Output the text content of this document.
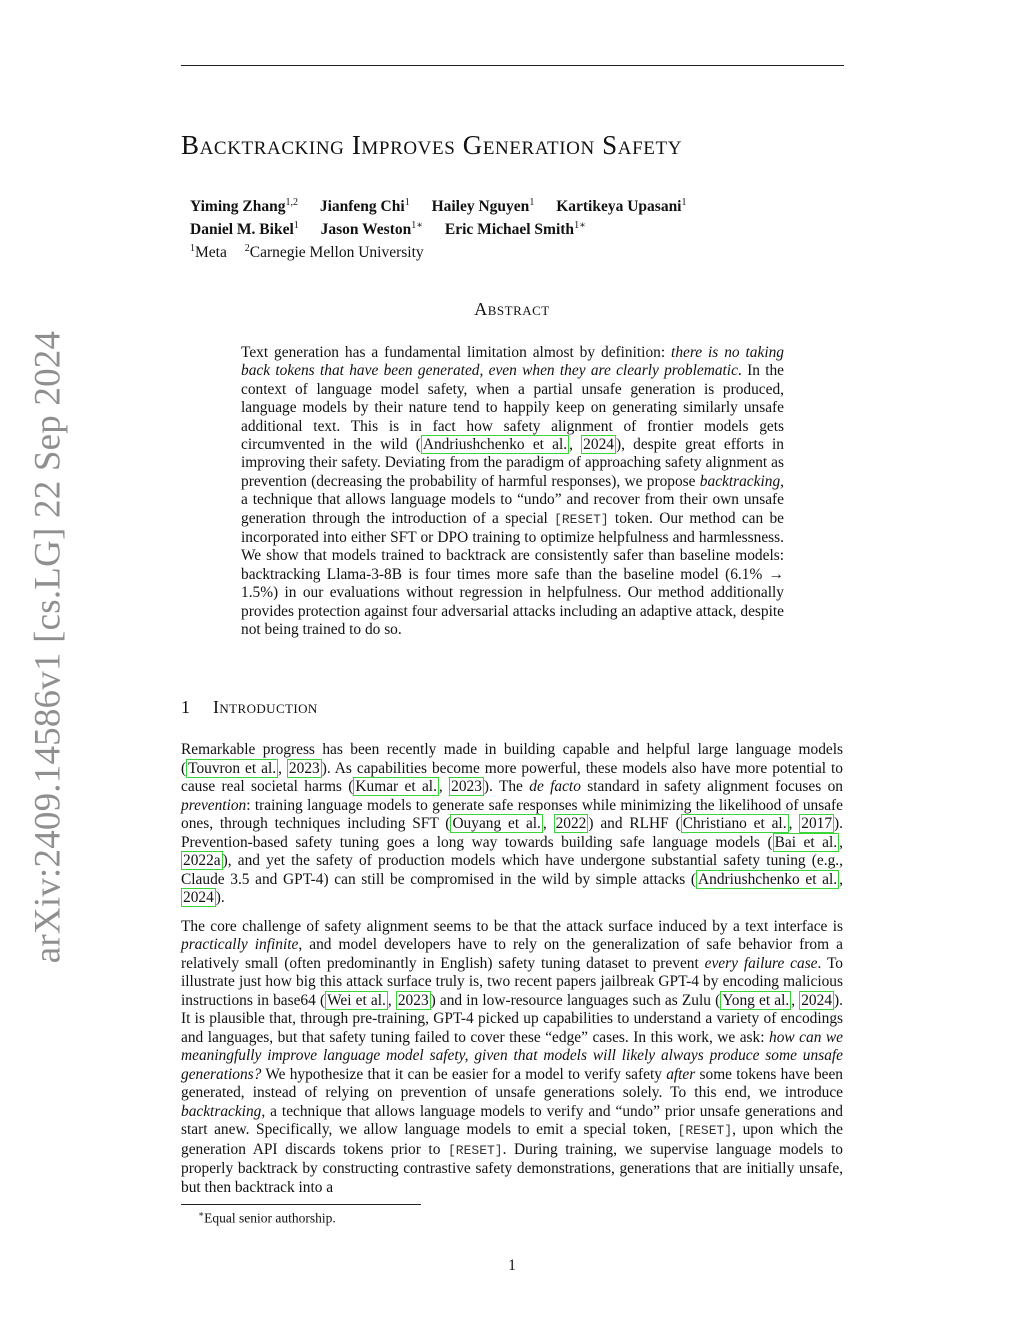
arXiv:2409.14586v1 [cs.LG] 22 Sep 2024
Backtracking Improves Generation Safety
Yiming Zhang$^{1,2}$ Jianfeng Chi$^1$ Hailey Nguyen$^1$ Kartikeya Upasani$^1$
Daniel M. Bikel$^1$ Jason Weston$^{1∗}$ Eric Michael Smith$^{1∗}$
$^1$Meta $^2$Carnegie Mellon University
Abstract
Text generation has a fundamental limitation almost by definition: there is no taking back tokens that have been generated, even when they are clearly problematic. In the context of language model safety, when a partial unsafe generation is produced, language models by their nature tend to happily keep on generating similarly unsafe additional text. This is in fact how safety alignment of frontier models gets circumvented in the wild ( Andriushchenko et al. , 2024 ), despite great efforts in improving their safety. Deviating from the paradigm of approaching safety alignment as prevention (decreasing the probability of harmful responses), we propose backtracking, a technique that allows language models to “undo” and recover from their own unsafe generation through the introduction of a special [RESET] token. Our method can be incorporated into either SFT or DPO training to optimize helpfulness and harmlessness. We show that models trained to backtrack are consistently safer than baseline models: backtracking Llama-3-8B is four times more safe than the baseline model (6.1% → 1.5%) in our evaluations without regression in helpfulness. Our method additionally provides protection against four adversarial attacks including an adaptive attack, despite not being trained to do so.
1 Introduction

Remarkable progress has been recently made in building capable and helpful large language models ( Touvron et al. , 2023 ). As capabilities become more powerful, these models also have more potential to cause real societal harms ( Kumar et al. , 2023 ). The de facto standard in safety alignment focuses on prevention: training language models to generate safe responses while minimizing the likelihood of unsafe ones, through techniques including SFT ( Ouyang et al. , 2022 ) and RLHF ( Christiano et al. , 2017 ). Prevention-based safety tuning goes a long way towards building safe language models ( Bai et al. , 2022a ), and yet the safety of production models which have undergone substantial safety tuning (e.g., Claude 3.5 and GPT-4) can still be compromised in the wild by simple attacks ( Andriushchenko et al. , 2024 ).

The core challenge of safety alignment seems to be that the attack surface induced by a text interface is practically infinite, and model developers have to rely on the generalization of safe behavior from a relatively small (often predominantly in English) safety tuning dataset to prevent every failure case. To illustrate just how big this attack surface truly is, two recent papers jailbreak GPT-4 by encoding malicious instructions in base64 ( Wei et al. , 2023 ) and in low-resource languages such as Zulu ( Yong et al. , 2024 ). It is plausible that, through pre-training, GPT-4 picked up capabilities to understand a variety of encodings and languages, but that safety tuning failed to cover these “edge” cases. In this work, we ask: how can we meaningfully improve language model safety, given that models will likely always produce some unsafe generations? We hypothesize that it can be easier for a model to verify safety after some tokens have been generated, instead of relying on prevention of unsafe generations solely. To this end, we introduce backtracking, a technique that allows language models to verify and “undo” prior unsafe generations and start anew. Specifically, we allow language models to emit a special token, [RESET], upon which the generation API discards tokens prior to [RESET]. During training, we supervise language models to properly backtrack by constructing contrastive safety demonstrations, generations that are initially unsafe, but then backtrack into a

∗Equal senior authorship.
1
